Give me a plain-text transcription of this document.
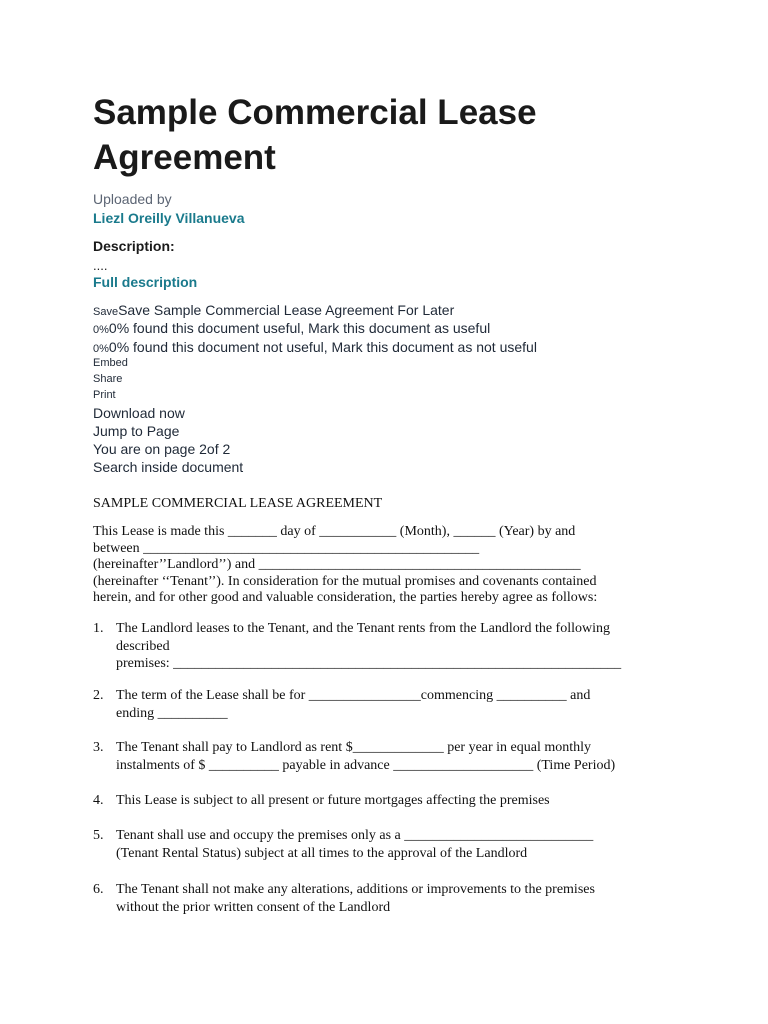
Sample Commercial Lease Agreement
Uploaded by
Liezl Oreilly Villanueva
Description:
....
Full description
SaveSave Sample Commercial Lease Agreement For Later
0%0% found this document useful, Mark this document as useful
0%0% found this document not useful, Mark this document as not useful
Embed
Share
Print
Download now
Jump to Page
You are on page 2of 2
Search inside document
SAMPLE COMMERCIAL LEASE AGREEMENT
This Lease is made this _______ day of ___________ (Month), ______ (Year) by and
between ________________________________________________
(hereinafter’’Landlord’’) and ______________________________________________
(hereinafter ‘‘Tenant’’). In consideration for the mutual promises and covenants contained
herein, and for other good and valuable consideration, the parties hereby agree as follows:
1. The Landlord leases to the Tenant, and the Tenant rents from the Landlord the following
described
premises: ________________________________________________________________
2. The term of the Lease shall be for ________________commencing __________ and
ending __________
3. The Tenant shall pay to Landlord as rent $_____________ per year in equal monthly
instalments of $ __________ payable in advance ____________________ (Time Period)
4. This Lease is subject to all present or future mortgages affecting the premises
5. Tenant shall use and occupy the premises only as a ___________________________
(Tenant Rental Status) subject at all times to the approval of the Landlord
6. The Tenant shall not make any alterations, additions or improvements to the premises
without the prior written consent of the Landlord
